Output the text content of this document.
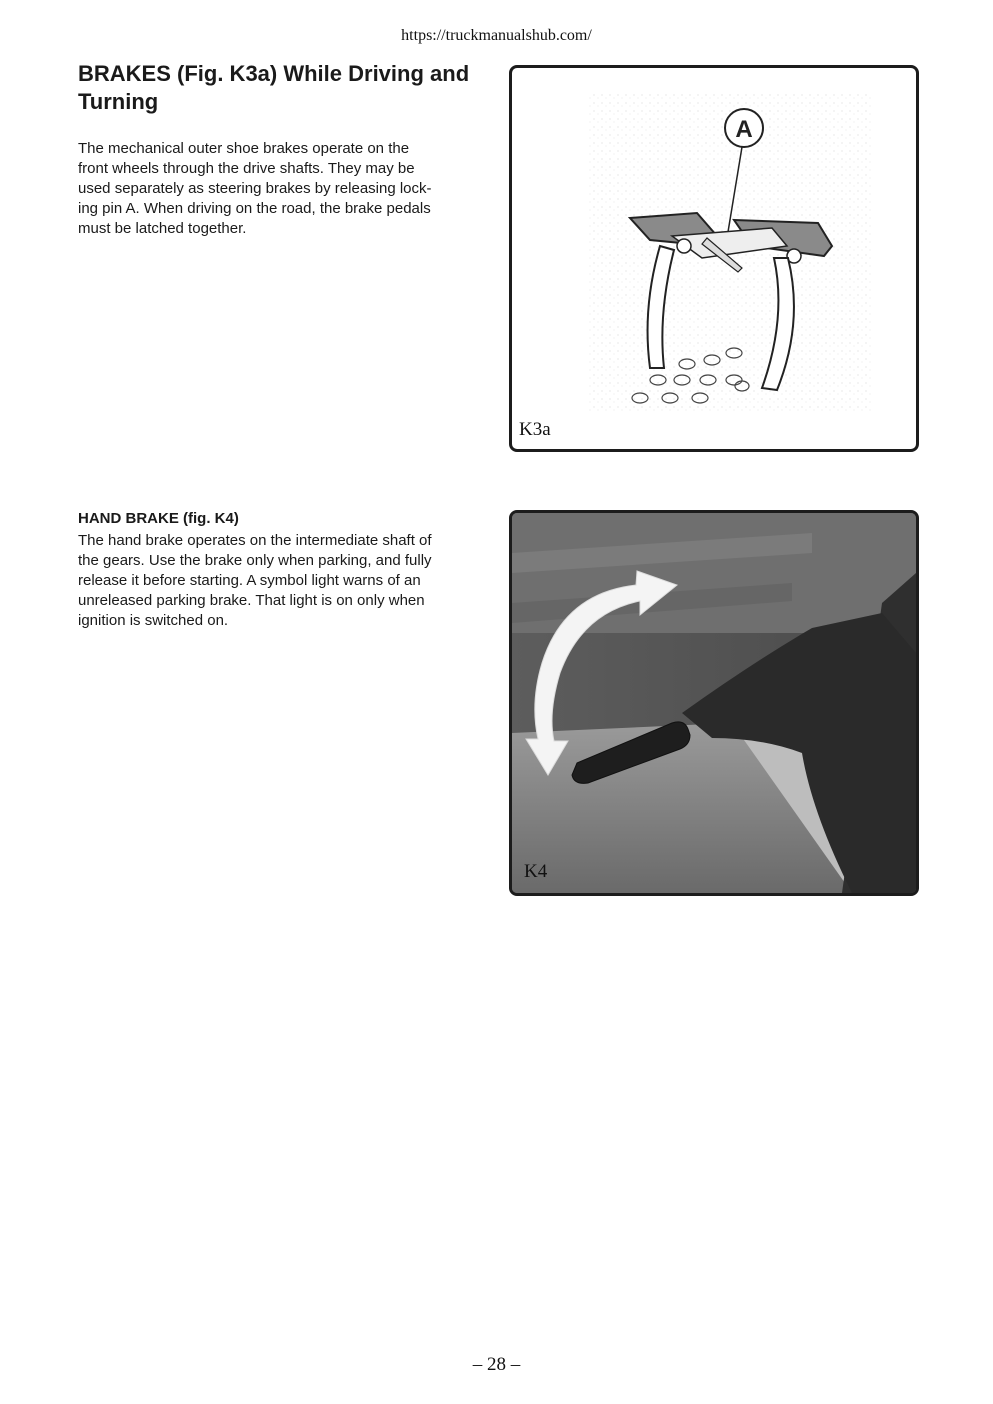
https://truckmanualshub.com/
BRAKES (Fig. K3a) While Driving and Turning
The mechanical outer shoe brakes operate on the
front wheels through the drive shafts. They may be
used separately as steering brakes by releasing lock-
ing pin A. When driving on the road, the brake pedals
must be latched together.
A
K3a
HAND BRAKE (fig. K4)
The hand brake operates on the intermediate shaft of
the gears. Use the brake only when parking, and fully
release it before starting. A symbol light warns of an
unreleased parking brake. That light is on only when
ignition is switched on.
K4
– 28 –
